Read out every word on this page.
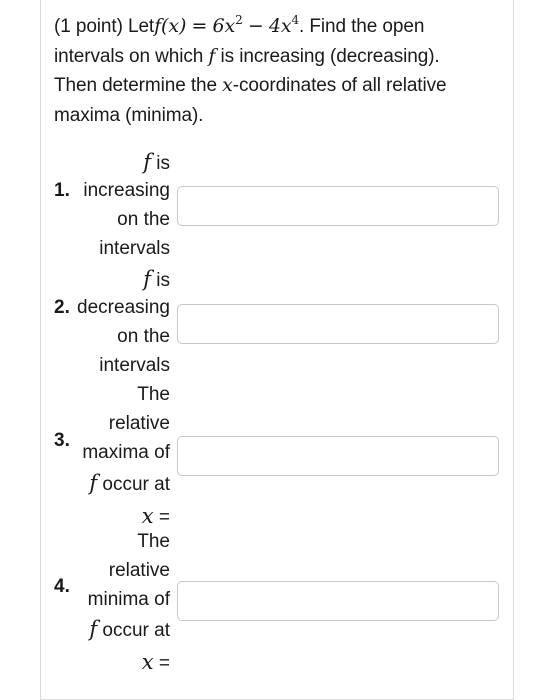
(1 point) Letf(x) = $6x^2 - 4x^4$. Find the open
intervals on which f is increasing (decreasing).
Then determine the x-coordinates of all relative
maxima (minima).
f is
1. increasing
on the
intervals
f is
2. decreasing
on the
intervals
The
relative
3.
maxima of
f occur at
x =
The
relative
4.
minima of
f occur at
x =
